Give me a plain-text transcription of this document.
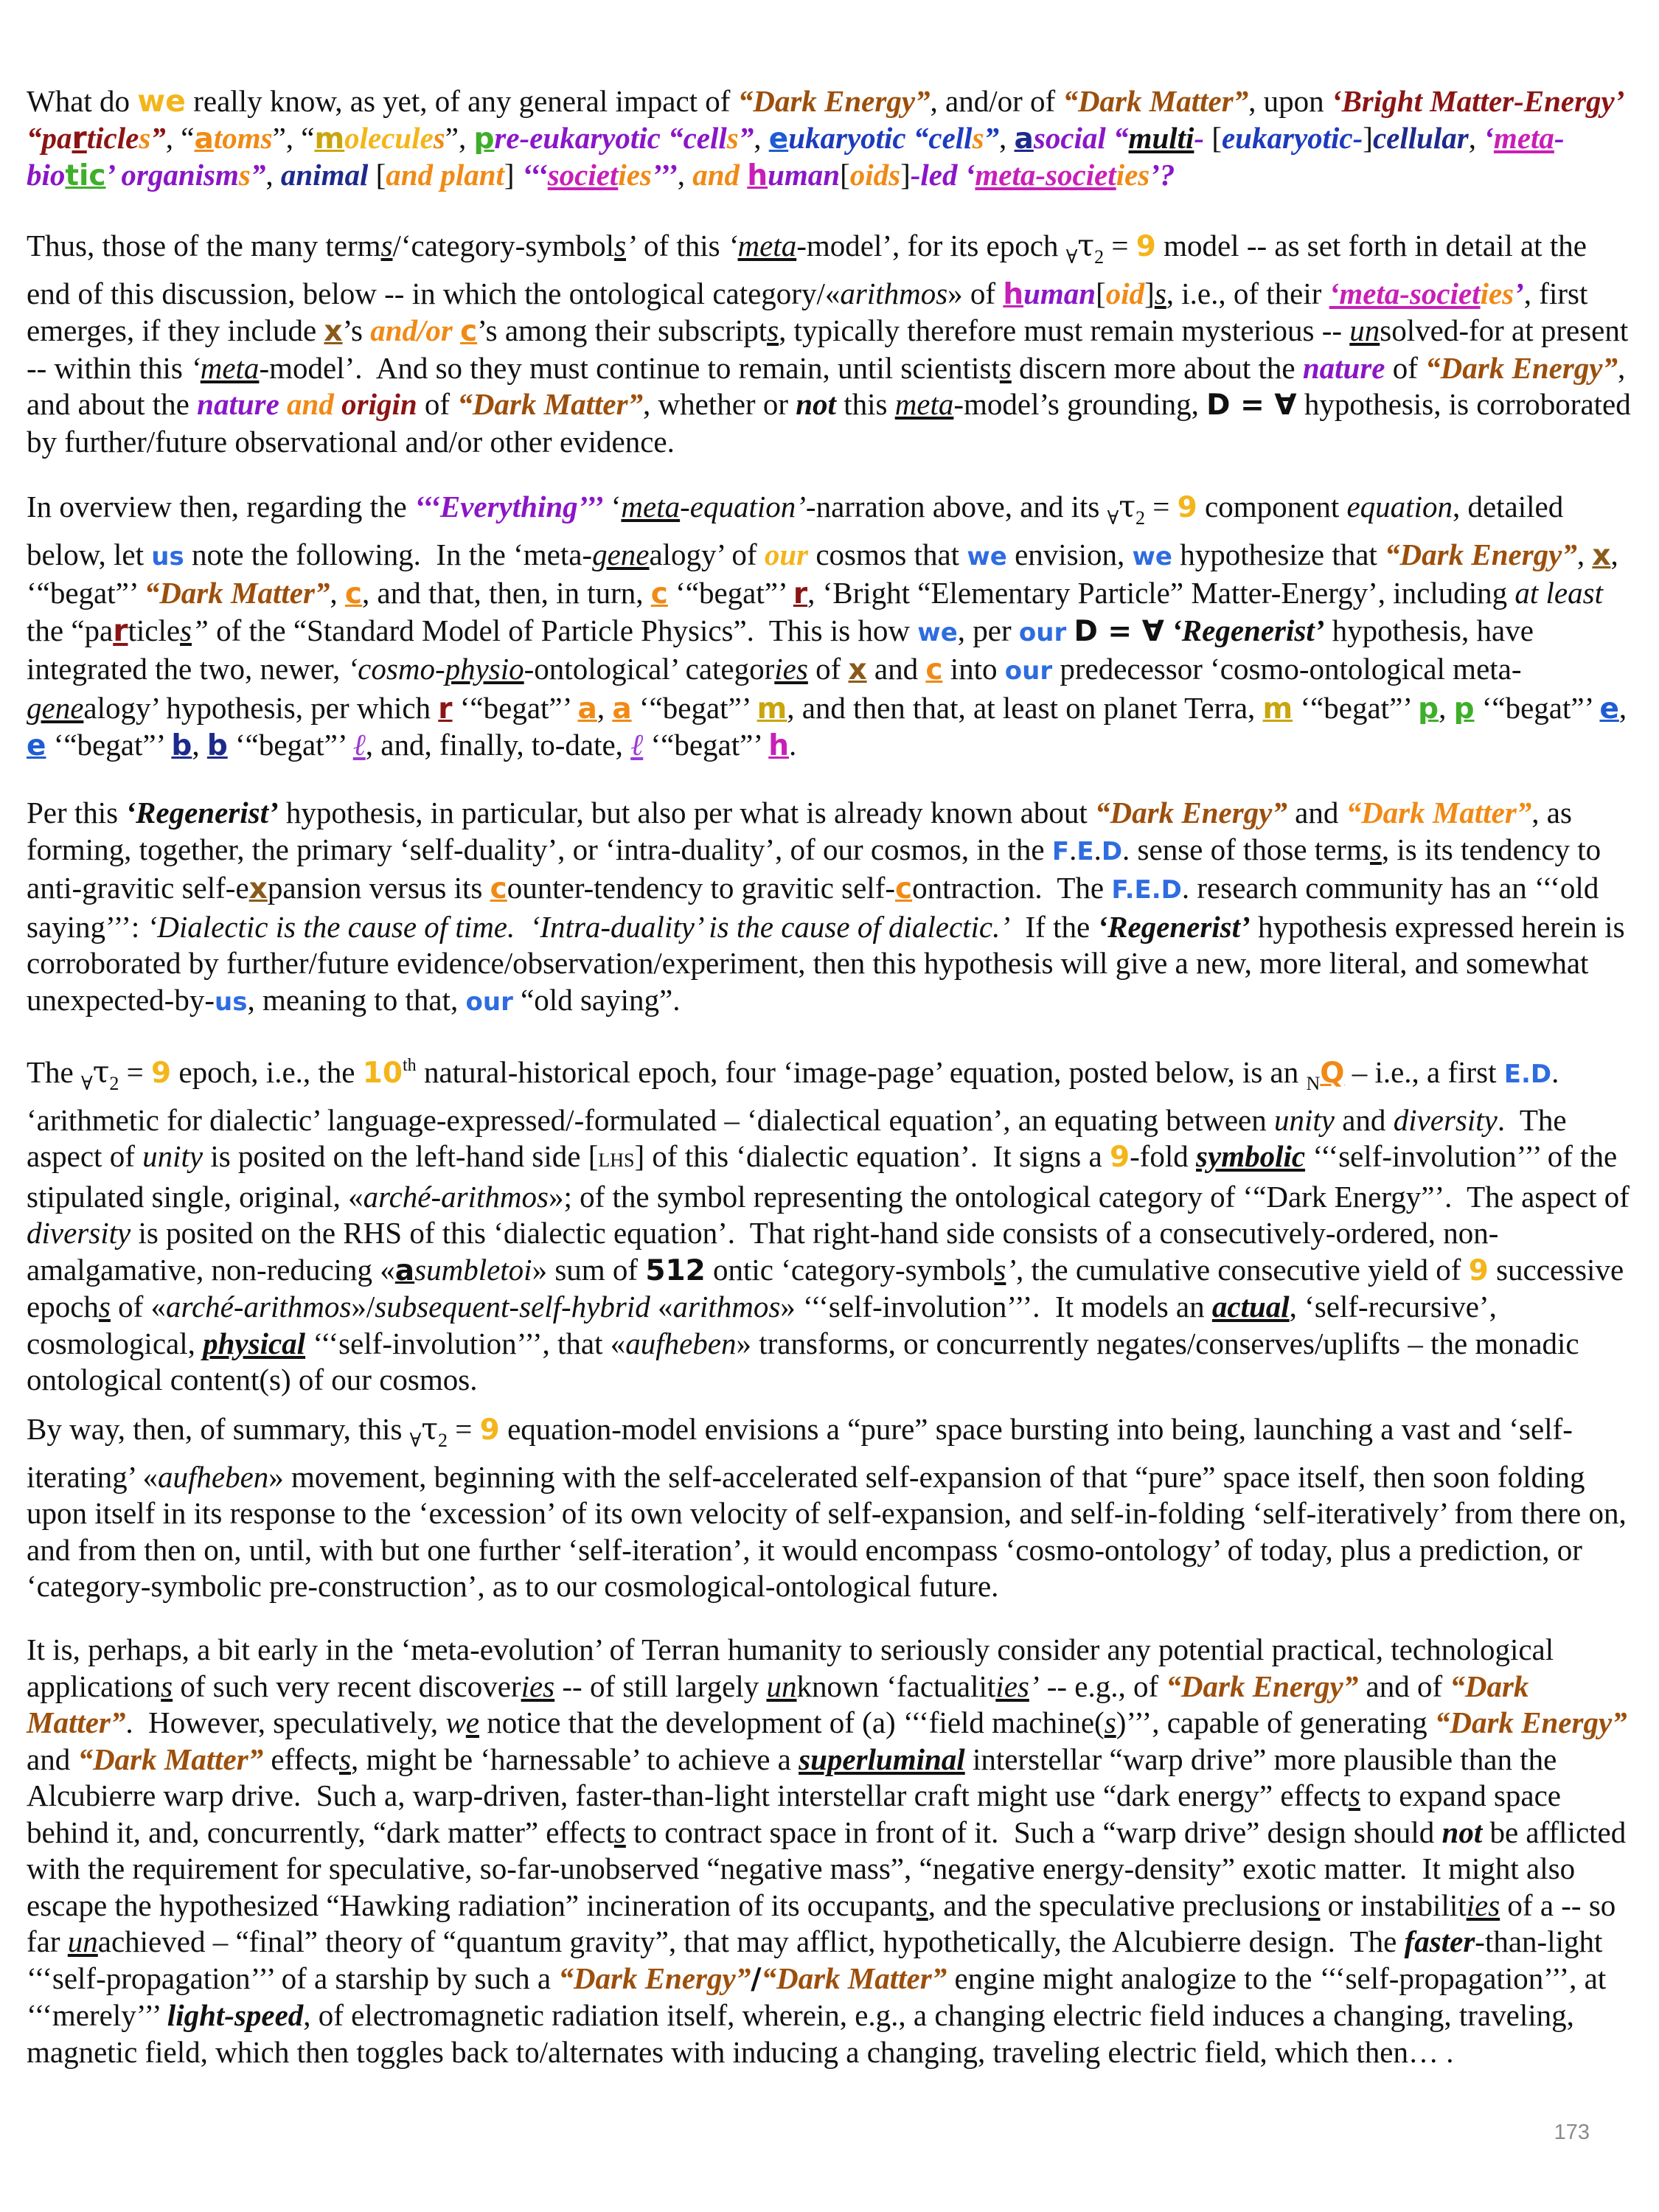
What do we really know, as yet, of any general impact of “Dark Energy”, and/or of “Dark Matter”, upon ‘Bright Matter-Energy’ “particles”, “atoms”, “molecules”, pre-eukaryotic “cells”, eukaryotic “cells”, asocial “multi- [eukaryotic-]cellular, ‘meta-biotic’ organisms”, animal [and plant] ‘‘‘societies’’’, and human[oids]-led ‘meta-societies’?

Thus, those of the many terms/‘category-symbols’ of this ‘meta-model’, for its epoch $_\forall\tau_2 = 9$ model -- as set forth in detail at the end of this discussion, below -- in which the ontological category/«arithmos» of human[oid]s, i.e., of their ‘meta-societies’, first emerges, if they include x’s and/or c’s among their subscripts, typically therefore must remain mysterious -- unsolved-for at present -- within this ‘meta-model’.  And so they must continue to remain, until scientists discern more about the nature of “Dark Energy”, and about the nature and origin of “Dark Matter”, whether or not this meta-model’s grounding, D = ∀ hypothesis, is corroborated by further/future observational and/or other evidence.

In overview then, regarding the ‘‘‘Everything’’’ ‘meta-equation’-narration above, and its $_\forall\tau_2 = 9$ component equation, detailed below, let us note the following.  In the ‘meta-genealogy’ of our cosmos that we envision, we hypothesize that “Dark Energy”, x, ‘“begat”’ “Dark Matter”, c, and that, then, in turn, c ‘“begat”’ r, ‘Bright “Elementary Particle” Matter-Energy’, including at least the “particles” of the “Standard Model of Particle Physics”.  This is how we, per our D = ∀ ‘Regenerist’ hypothesis, have integrated the two, newer, ‘cosmo-physio-ontological’ categories of x and c into our predecessor ‘cosmo-ontological meta-genealogy’ hypothesis, per which r ‘“begat”’ a, a ‘“begat”’ m, and then that, at least on planet Terra, m ‘“begat”’ p, p ‘“begat”’ e, e ‘“begat”’ b, b ‘“begat”’ ℓ, and, finally, to-date, ℓ ‘“begat”’ h.

Per this ‘Regenerist’ hypothesis, in particular, but also per what is already known about “Dark Energy” and “Dark Matter”, as forming, together, the primary ‘self-duality’, or ‘intra-duality’, of our cosmos, in the F.E.D. sense of those terms, is its tendency to anti-gravitic self-expansion versus its counter-tendency to gravitic self-contraction.  The F.E.D. research community has an ‘‘‘old saying’’’: ‘Dialectic is the cause of time.  ‘Intra-duality’ is the cause of dialectic.’  If the ‘Regenerist’ hypothesis expressed herein is corroborated by further/future evidence/observation/experiment, then this hypothesis will give a new, more literal, and somewhat unexpected-by-us, meaning to that, our “old saying”.

The $_\forall\tau_2 = 9$ epoch, i.e., the 10th natural-historical epoch, four ‘image-page’ equation, posted below, is an $_N$Q – i.e., a first E.D. ‘arithmetic for dialectic’ language-expressed/-formulated – ‘dialectical equation’, an equating between unity and diversity.  The aspect of unity is posited on the left-hand side [LHS] of this ‘dialectic equation’.  It signs a 9-fold symbolic ‘‘‘self-involution’’’ of the stipulated single, original, «arché-arithmos»; of the symbol representing the ontological category of ‘“Dark Energy”’.  The aspect of diversity is posited on the RHS of this ‘dialectic equation’.  That right-hand side consists of a consecutively-ordered, non-amalgamative, non-reducing «asumbletoi» sum of 512 ontic ‘category-symbols’, the cumulative consecutive yield of 9 successive epochs of «arché-arithmos»/subsequent-self-hybrid «arithmos» ‘‘‘self-involution’’’.  It models an actual, ‘self-recursive’, cosmological, physical ‘‘‘self-involution’’’, that «aufheben» transforms, or concurrently negates/conserves/uplifts – the monadic ontological content(s) of our cosmos.

By way, then, of summary, this $_\forall\tau_2 = 9$ equation-model envisions a “pure” space bursting into being, launching a vast and ‘self-iterating’ «aufheben» movement, beginning with the self-accelerated self-expansion of that “pure” space itself, then soon folding upon itself in its response to the ‘excession’ of its own velocity of self-expansion, and self-in-folding ‘self-iteratively’ from there on, and from then on, until, with but one further ‘self-iteration’, it would encompass ‘cosmo-ontology’ of today, plus a prediction, or ‘category-symbolic pre-construction’, as to our cosmological-ontological future.

It is, perhaps, a bit early in the ‘meta-evolution’ of Terran humanity to seriously consider any potential practical, technological applications of such very recent discoveries -- of still largely unknown ‘factualities’ -- e.g., of “Dark Energy” and of “Dark Matter”.  However, speculatively, we notice that the development of (a) ‘‘‘field machine(s)’’’, capable of generating “Dark Energy” and “Dark Matter” effects, might be ‘harnessable’ to achieve a superluminal interstellar “warp drive” more plausible than the Alcubierre warp drive.  Such a, warp-driven, faster-than-light interstellar craft might use “dark energy” effects to expand space behind it, and, concurrently, “dark matter” effects to contract space in front of it.  Such a “warp drive” design should not be afflicted with the requirement for speculative, so-far-unobserved “negative mass”, “negative energy-density” exotic matter.  It might also escape the hypothesized “Hawking radiation” incineration of its occupants, and the speculative preclusions or instabilities of a -- so far unachieved – “final” theory of “quantum gravity”, that may afflict, hypothetically, the Alcubierre design.  The faster-than-light ‘‘‘self-propagation’’’ of a starship by such a “Dark Energy”/“Dark Matter” engine might analogize to the ‘‘‘self-propagation’’’, at ‘‘‘merely’’’ light-speed, of electromagnetic radiation itself, wherein, e.g., a changing electric field induces a changing, traveling, magnetic field, which then toggles back to/alternates with inducing a changing, traveling electric field, which then… .

173
